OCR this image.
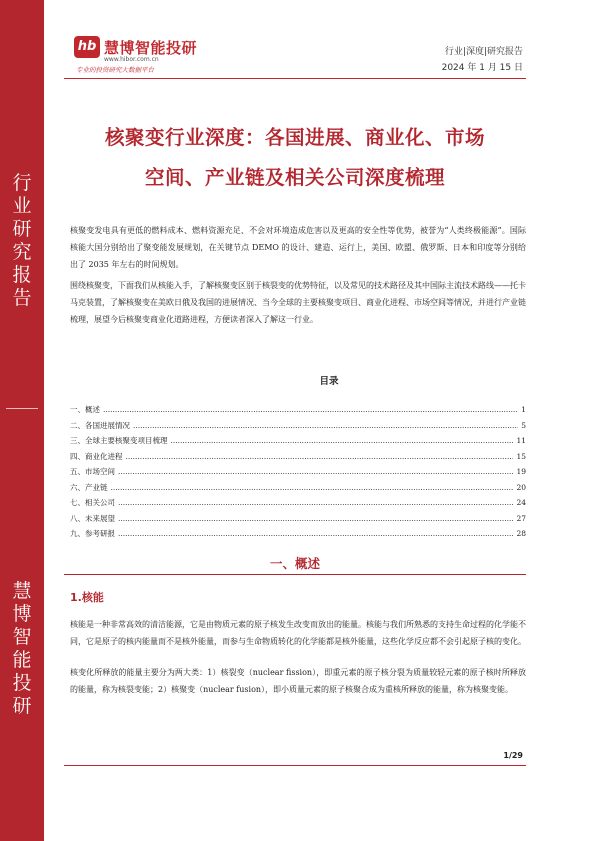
行
业
研
究
报
告
慧
博
智
能
投
研
hb 慧博智能投研
www.hibor.com.cn
专业的投资研究大数据平台
行业|深度|研究报告
2024 年 1 月 15 日
核聚变行业深度：各国进展、商业化、市场
空间、产业链及相关公司深度梳理
核聚变发电具有更低的燃料成本、燃料资源充足、不会对环境造成危害以及更高的安全性等优势，被誉为“人类终极能源”。国际核能大国分别给出了聚变能发展规划，在关键节点 DEMO 的设计、建造、运行上，美国、欧盟、俄罗斯、日本和印度等分别给出了 2035 年左右的时间规划。
围绕核聚变，下面我们从核能入手，了解核聚变区别于核裂变的优势特征，以及常见的技术路径及其中国际主流技术路线——托卡马克装置，了解核聚变在美欧日俄及我国的进展情况、当今全球的主要核聚变项目、商业化进程、市场空间等情况，并进行产业链梳理，展望今后核聚变商业化道路进程，方便读者深入了解这一行业。
目录
一、概述 .....	1
二、各国进展情况 .....	5
三、全球主要核聚变项目梳理 .....	11
四、商业化进程 .....	15
五、市场空间 .....	19
六、产业链 .....	20
七、相关公司 .....	24
八、未来展望 .....	27
九、参考研报 .....	28
一、概述
1.核能
核能是一种非常高效的清洁能源，它是由物质元素的原子核发生改变而放出的能量。核能与我们所熟悉的支持生命过程的化学能不同，它是原子的核内能量而不是核外能量，而参与生命物质转化的化学能都是核外能量，这些化学反应都不会引起原子核的变化。
核变化所释放的能量主要分为两大类：1）核裂变（nuclear fission），即重元素的原子核分裂为质量较轻元素的原子核时所释放的能量，称为核裂变能；2）核聚变（nuclear fusion），即小质量元素的原子核聚合成为重核所释放的能量，称为核聚变能。
1/29
